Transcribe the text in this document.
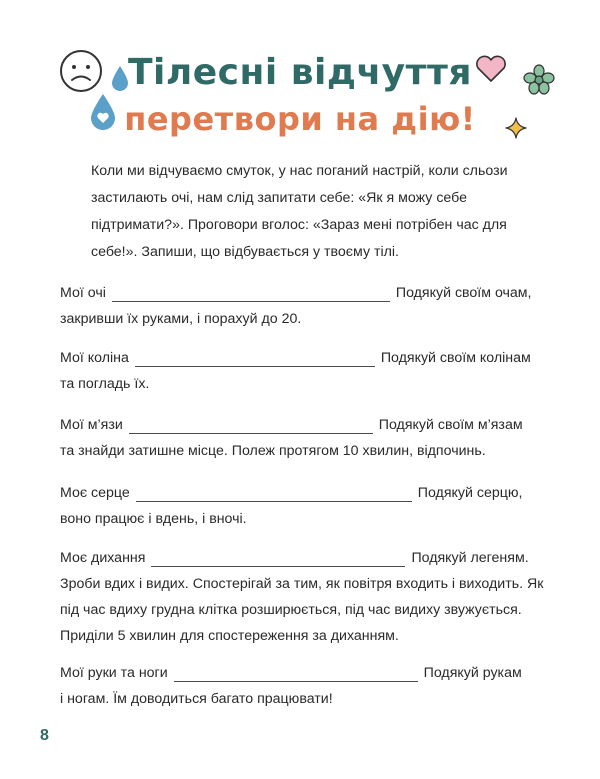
Тілесні відчуття
перетвори на дію!
Коли ми відчуваємо смуток, у нас поганий настрій, коли сльози застилають очі, нам слід запитати себе: «Як я можу себе підтримати?». Проговори вголос: «Зараз мені потрібен час для себе!». Запиши, що відбувається у твоєму тілі.
Мої очі	Подякуй своїм очам,
закривши їх руками, і порахуй до 20.
Мої коліна	Подякуй своїм колінам
та погладь їх.
Мої м’язи	Подякуй своїм м’язам
та знайди затишне місце. Полеж протягом 10 хвилин, відпочинь.
Моє серце	Подякуй серцю,
воно працює і вдень, і вночі.
Моє дихання	Подякуй легеням.
Зроби вдих і видих. Спостерігай за тим, як повітря входить і виходить. Як під час вдиху грудна клітка розширюється, під час видиху звужується. Приділи 5 хвилин для спостереження за диханням.
Мої руки та ноги	Подякуй рукам
і ногам. Їм доводиться багато працювати!
8
